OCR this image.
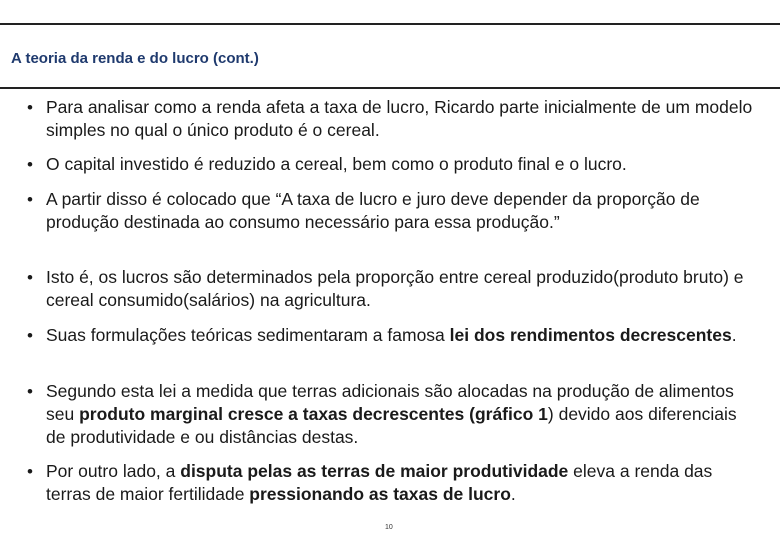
A teoria da renda e do lucro (cont.)
• Para analisar como a renda afeta a taxa de lucro, Ricardo parte inicialmente de um modelo simples no qual o único produto é o cereal.
• O capital investido é reduzido a cereal, bem como o produto final e o lucro.
• A partir disso é colocado que “A taxa de lucro e juro deve depender da proporção de produção destinada ao consumo necessário para essa produção.”
• Isto é, os lucros são determinados pela proporção entre cereal produzido(produto bruto) e cereal consumido(salários) na agricultura.
• Suas formulações teóricas sedimentaram a famosa lei dos rendimentos decrescentes.
• Segundo esta lei a medida que terras adicionais são alocadas na produção de alimentos seu produto marginal cresce a taxas decrescentes (gráfico 1) devido aos diferenciais de produtividade e ou distâncias destas.
• Por outro lado, a disputa pelas as terras de maior produtividade eleva a renda das terras de maior fertilidade pressionando as taxas de lucro.
10
